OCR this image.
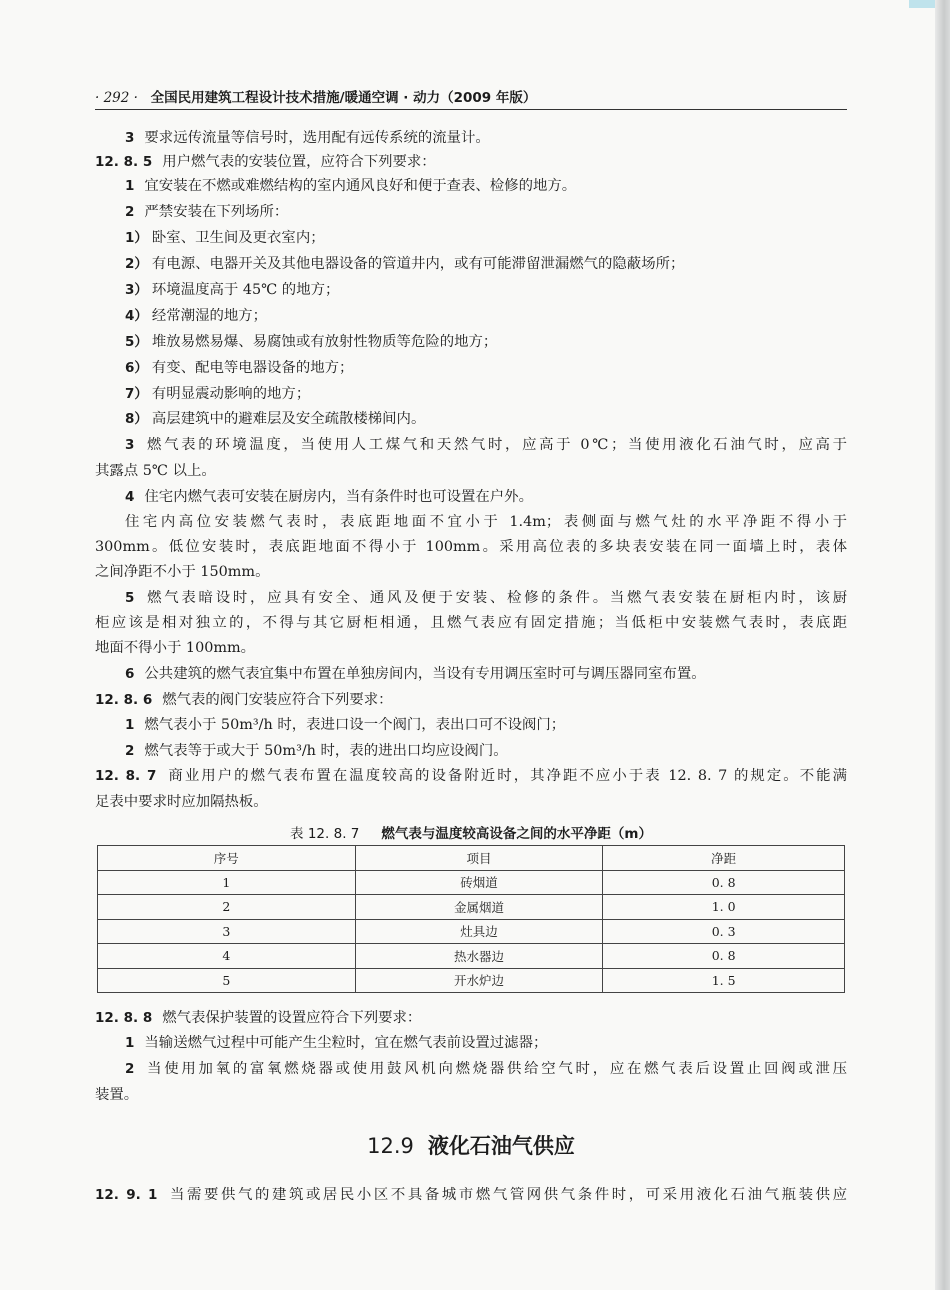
· 292 · 全国民用建筑工程设计技术措施/暖通空调 · 动力（2009 年版）
3 要求远传流量等信号时，选用配有远传系统的流量计。
12. 8. 5 用户燃气表的安装位置，应符合下列要求：
1 宜安装在不燃或难燃结构的室内通风良好和便于查表、检修的地方。
2 严禁安装在下列场所：
1） 卧室、卫生间及更衣室内；
2） 有电源、电器开关及其他电器设备的管道井内，或有可能滞留泄漏燃气的隐蔽场所；
3） 环境温度高于 45℃ 的地方；
4） 经常潮湿的地方；
5） 堆放易燃易爆、易腐蚀或有放射性物质等危险的地方；
6） 有变、配电等电器设备的地方；
7） 有明显震动影响的地方；
8） 高层建筑中的避难层及安全疏散楼梯间内。
3 燃气表的环境温度，当使用人工煤气和天然气时，应高于 0℃；当使用液化石油气时，应高于
其露点 5℃ 以上。
4 住宅内燃气表可安装在厨房内，当有条件时也可设置在户外。
住宅内高位安装燃气表时，表底距地面不宜小于 1.4m；表侧面与燃气灶的水平净距不得小于
300mm。低位安装时，表底距地面不得小于 100mm。采用高位表的多块表安装在同一面墙上时，表体
之间净距不小于 150mm。
5 燃气表暗设时，应具有安全、通风及便于安装、检修的条件。当燃气表安装在厨柜内时，该厨
柜应该是相对独立的，不得与其它厨柜相通，且燃气表应有固定措施；当低柜中安装燃气表时，表底距
地面不得小于 100mm。
6 公共建筑的燃气表宜集中布置在单独房间内，当设有专用调压室时可与调压器同室布置。
12. 8. 6 燃气表的阀门安装应符合下列要求：
1 燃气表小于 50m³/h 时，表进口设一个阀门，表出口可不设阀门；
2 燃气表等于或大于 50m³/h 时，表的进出口均应设阀门。
12. 8. 7 商业用户的燃气表布置在温度较高的设备附近时，其净距不应小于表 12. 8. 7 的规定。不能满
足表中要求时应加隔热板。
表 12. 8. 7 燃气表与温度较高设备之间的水平净距（m）
序号	项目	净距
1	砖烟道	0. 8
2	金属烟道	1. 0
3	灶具边	0. 3
4	热水器边	0. 8
5	开水炉边	1. 5
12. 8. 8 燃气表保护装置的设置应符合下列要求：
1 当输送燃气过程中可能产生尘粒时，宜在燃气表前设置过滤器；
2 当使用加氧的富氧燃烧器或使用鼓风机向燃烧器供给空气时，应在燃气表后设置止回阀或泄压
装置。
12.9 液化石油气供应
12. 9. 1 当需要供气的建筑或居民小区不具备城市燃气管网供气条件时，可采用液化石油气瓶装供应
